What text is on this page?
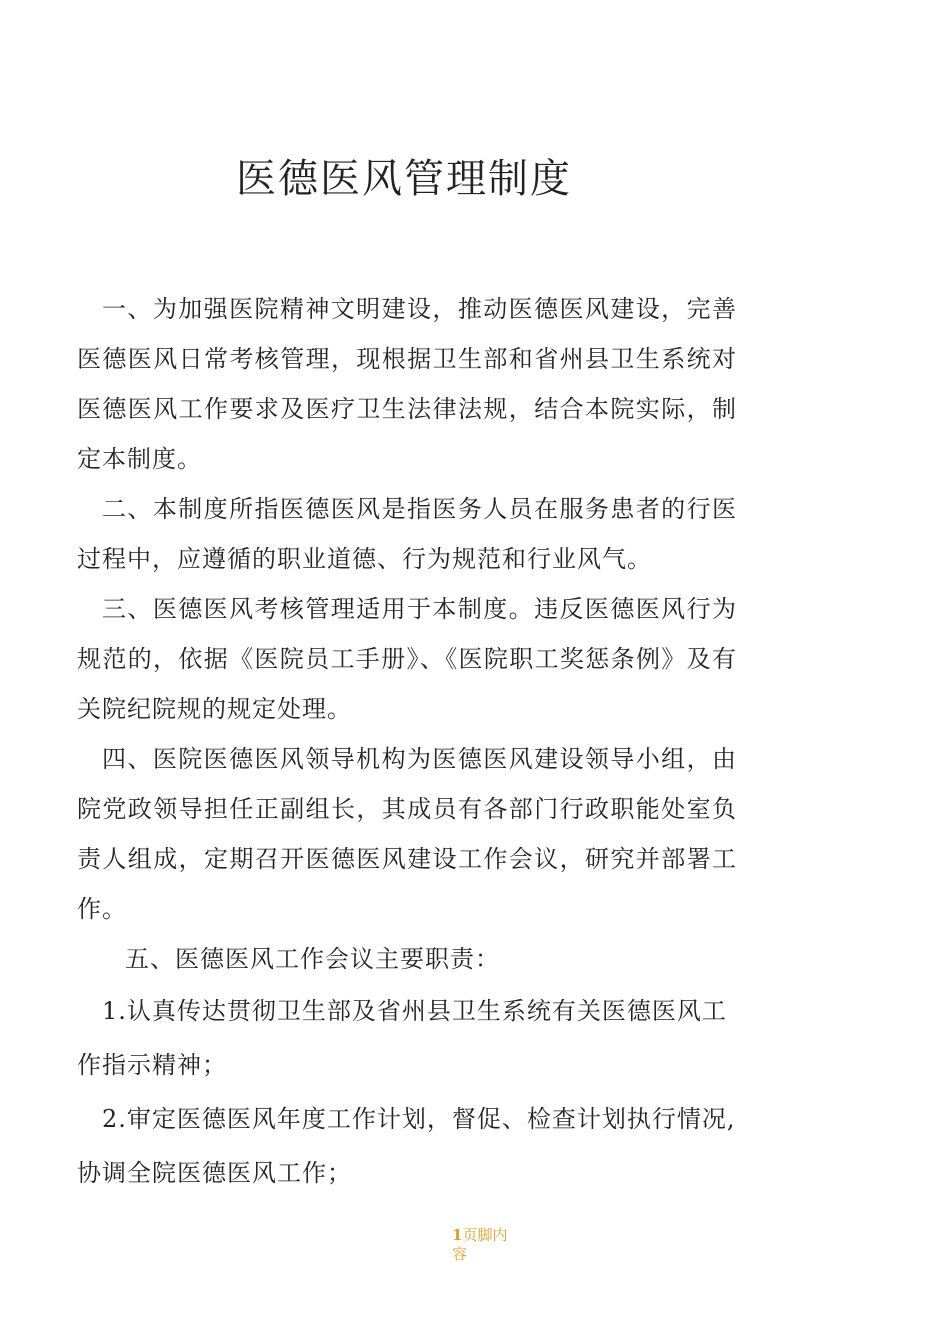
医德医风管理制度

一、为加强医院精神文明建设，推动医德医风建设，完善医德医风日常考核管理，现根据卫生部和省州县卫生系统对医德医风工作要求及医疗卫生法律法规，结合本院实际，制定本制度。

二、本制度所指医德医风是指医务人员在服务患者的行医过程中，应遵循的职业道德、行为规范和行业风气。

三、医德医风考核管理适用于本制度。违反医德医风行为规范的，依据《医院员工手册》、《医院职工奖惩条例》及有关院纪院规的规定处理。

四、医院医德医风领导机构为医德医风建设领导小组，由院党政领导担任正副组长，其成员有各部门行政职能处室负责人组成，定期召开医德医风建设工作会议，研究并部署工作。

五、医德医风工作会议主要职责：

1.认真传达贯彻卫生部及省州县卫生系统有关医德医风工作指示精神；

2.审定医德医风年度工作计划，督促、检查计划执行情况,协调全院医德医风工作；

1页脚内容
